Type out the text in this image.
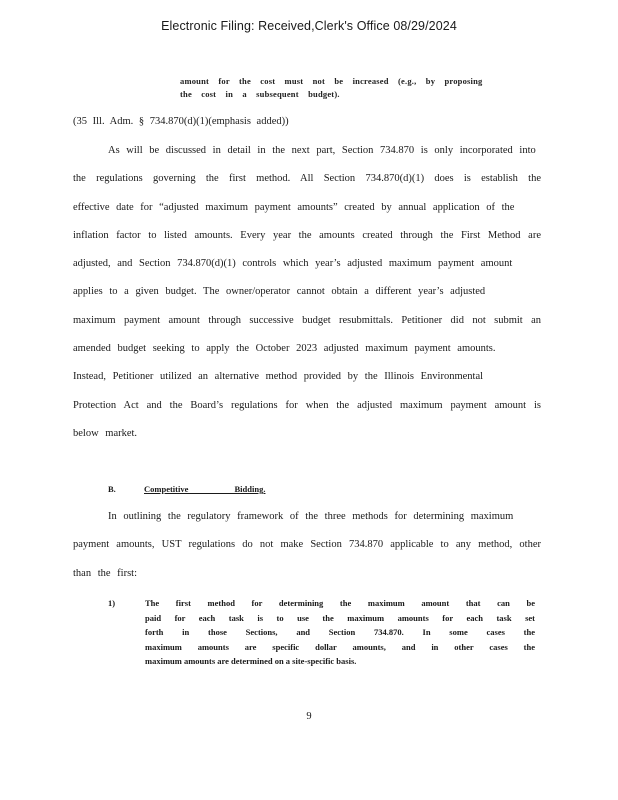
Electronic Filing: Received,Clerk's Office 08/29/2024
amount for the cost must not be increased (e.g., by proposing
the cost in a subsequent budget).
(35 Ill. Adm. § 734.870(d)(1)(emphasis added))
As will be discussed in detail in the next part, Section 734.870 is only incorporated into
the regulations governing the first method. All Section 734.870(d)(1) does is establish the
effective date for “adjusted maximum payment amounts” created by annual application of the
inflation factor to listed amounts. Every year the amounts created through the First Method are
adjusted, and Section 734.870(d)(1) controls which year’s adjusted maximum payment amount
applies to a given budget. The owner/operator cannot obtain a different year’s adjusted
maximum payment amount through successive budget resubmittals. Petitioner did not submit an
amended budget seeking to apply the October 2023 adjusted maximum payment amounts.
Instead, Petitioner utilized an alternative method provided by the Illinois Environmental
Protection Act and the Board’s regulations for when the adjusted maximum payment amount is
below market.
B.	Competitive Bidding.
In outlining the regulatory framework of the three methods for determining maximum
payment amounts, UST regulations do not make Section 734.870 applicable to any method, other
than the first:
1)	The first method for determining the maximum amount that can be
paid for each task is to use the maximum amounts for each task set
forth in those Sections, and Section 734.870. In some cases the
maximum amounts are specific dollar amounts, and in other cases the
maximum amounts are determined on a site-specific basis.
9
